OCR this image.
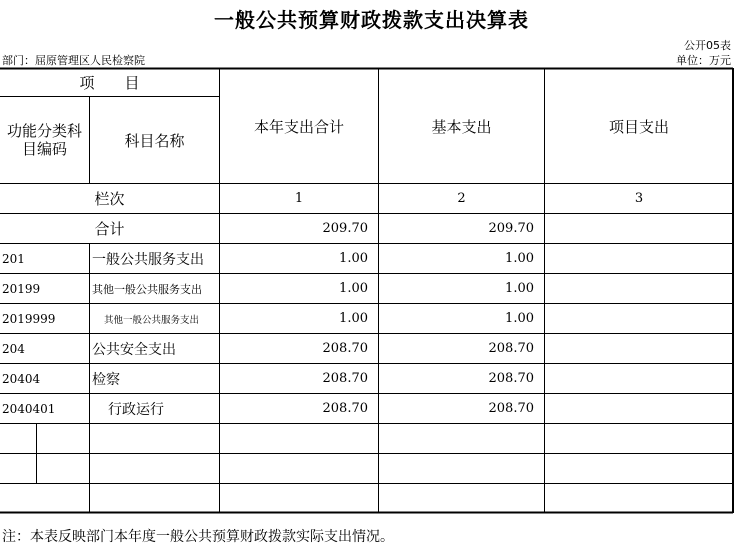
一般公共预算财政拨款支出决算表
公开05表
部门：屈原管理区人民检察院	单位：万元
项　　目
功能分类科目编码	科目名称
本年支出合计	基本支出	项目支出
栏次	1	2	3
合计	209.70	209.70
201	一般公共服务支出	1.00	1.00
20199	其他一般公共服务支出	1.00	1.00
2019999	其他一般公共服务支出	1.00	1.00
204	公共安全支出	208.70	208.70
20404	检察	208.70	208.70
2040401	行政运行	208.70	208.70
注：本表反映部门本年度一般公共预算财政拨款实际支出情况。
